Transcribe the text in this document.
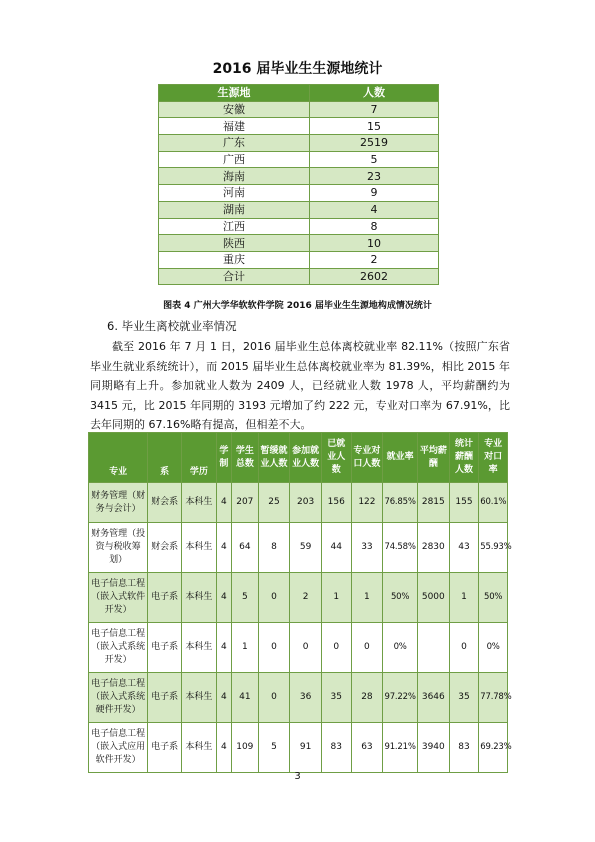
2016 届毕业生生源地统计
生源地	人数
安徽	7
福建	15
广东	2519
广西	5
海南	23
河南	9
湖南	4
江西	8
陕西	10
重庆	2
合计	2602
图表 4 广州大学华软软件学院 2016 届毕业生生源地构成情况统计
6. 毕业生离校就业率情况

截至 2016 年 7 月 1 日，2016 届毕业生总体离校就业率 82.11%（按照广东省毕业生就业系统统计），而 2015 届毕业生总体离校就业率为 81.39%，相比 2015 年同期略有上升。参加就业人数为 2409 人，已经就业人数 1978 人，平均薪酬约为 3415 元，比 2015 年同期的 3193 元增加了约 222 元，专业对口率为 67.91%，比去年同期的 67.16%略有提高，但相差不大。

专业	系	学历	学制	学生总数	暂缓就业人数	参加就业人数	已就业人数	专业对口人数	就业率	平均薪酬	统计薪酬人数	专业对口率
财务管理（财务与会计）	财会系	本科生	4	207	25	203	156	122	76.85%	2815	155	60.1%
财务管理（投资与税收筹划）	财会系	本科生	4	64	8	59	44	33	74.58%	2830	43	55.93%
电子信息工程（嵌入式软件开发）	电子系	本科生	4	5	0	2	1	1	50%	5000	1	50%
电子信息工程（嵌入式系统开发）	电子系	本科生	4	1	0	0	0	0	0%		0	0%
电子信息工程（嵌入式系统硬件开发）	电子系	本科生	4	41	0	36	35	28	97.22%	3646	35	77.78%
电子信息工程（嵌入式应用软件开发）	电子系	本科生	4	109	5	91	83	63	91.21%	3940	83	69.23%
3
